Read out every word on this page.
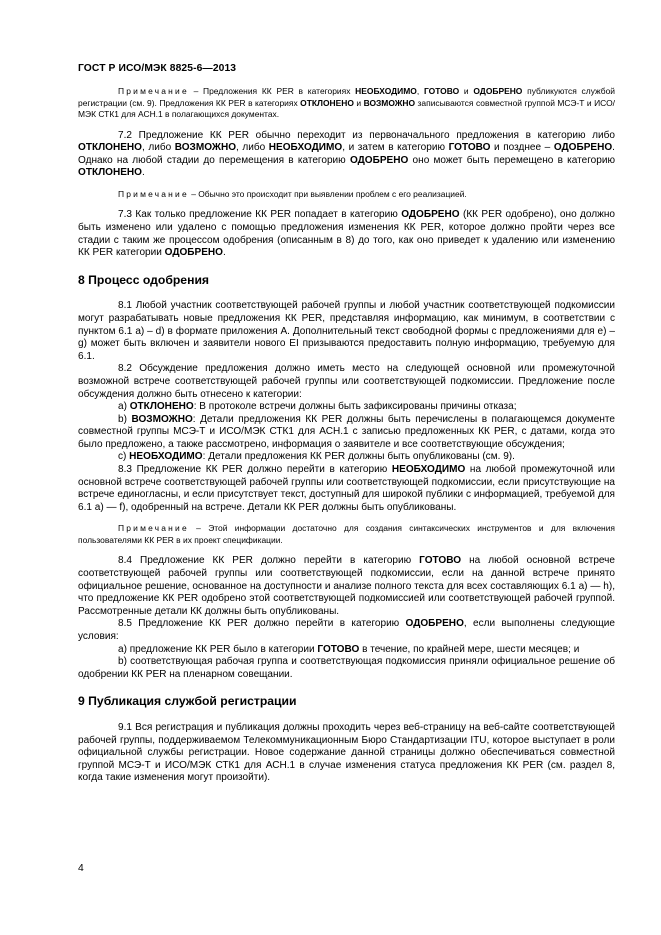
ГОСТ Р ИСО/МЭК 8825-6—2013

Примечание – Предложения КК PER в категориях НЕОБХОДИМО, ГОТОВО и ОДОБРЕНО публикуются службой регистрации (см. 9). Предложения КК PER в категориях ОТКЛОНЕНО и ВОЗМОЖНО записываются совместной группой МСЭ-Т и ИСО/МЭК СТК1 для АСН.1 в полагающихся документах.

7.2 Предложение КК PER обычно переходит из первоначального предложения в категорию либо ОТКЛОНЕНО, либо ВОЗМОЖНО, либо НЕОБХОДИМО, и затем в категорию ГОТОВО и позднее – ОДОБРЕНО. Однако на любой стадии до перемещения в категорию ОДОБРЕНО оно может быть перемещено в категорию ОТКЛОНЕНО.

Примечание – Обычно это происходит при выявлении проблем с его реализацией.

7.3 Как только предложение КК PER попадает в категорию ОДОБРЕНО (КК PER одобрено), оно должно быть изменено или удалено с помощью предложения изменения КК PER, которое должно пройти через все стадии с таким же процессом одобрения (описанным в 8) до того, как оно приведет к удалению или изменению КК PER категории ОДОБРЕНО.

8 Процесс одобрения

8.1 Любой участник соответствующей рабочей группы и любой участник соответствующей подкомиссии могут разрабатывать новые предложения КК PER, представляя информацию, как минимум, в соответствии с пунктом 6.1 а) – d) в формате приложения А. Дополнительный текст свободной формы с предложениями для е) – g) может быть включен и заявители нового EI призываются предоставить полную информацию, требуемую для 6.1.

8.2 Обсуждение предложения должно иметь место на следующей основной или промежуточной возможной встрече соответствующей рабочей группы или соответствующей подкомиссии. Предложение после обсуждения должно быть отнесено к категории:

а) ОТКЛОНЕНО: В протоколе встречи должны быть зафиксированы причины отказа;

b) ВОЗМОЖНО: Детали предложения КК PER должны быть перечислены в полагающемся документе совместной группы МСЭ-Т и ИСО/МЭК СТК1 для АСН.1 с записью предложенных КК PER, с датами, когда это было предложено, а также рассмотрено, информация о заявителе и все соответствующие обсуждения;

с) НЕОБХОДИМО: Детали предложения КК PER должны быть опубликованы (см. 9).

8.3 Предложение КК PER должно перейти в категорию НЕОБХОДИМО на любой промежуточной или основной встрече соответствующей рабочей группы или соответствующей подкомиссии, если присутствующие на встрече единогласны, и если присутствует текст, доступный для широкой публики с информацией, требуемой для 6.1 а) — f), одобренный на встрече. Детали КК PER должны быть опубликованы.

Примечание – Этой информации достаточно для создания синтаксических инструментов и для включения пользователями КК PER в их проект спецификации.

8.4 Предложение КК PER должно перейти в категорию ГОТОВО на любой основной встрече соответствующей рабочей группы или соответствующей подкомиссии, если на данной встрече принято официальное решение, основанное на доступности и анализе полного текста для всех составляющих 6.1 а) — h), что предложение КК PER одобрено этой соответствующей подкомиссией или соответствующей рабочей группой. Рассмотренные детали КК должны быть опубликованы.

8.5 Предложение КК PER должно перейти в категорию ОДОБРЕНО, если выполнены следующие условия:

а) предложение КК PER было в категории ГОТОВО в течение, по крайней мере, шести месяцев; и

b) соответствующая рабочая группа и соответствующая подкомиссия приняли официальное решение об одобрении КК PER на пленарном совещании.

9 Публикация службой регистрации

9.1 Вся регистрация и публикация должны проходить через веб-страницу на веб-сайте соответствующей рабочей группы, поддерживаемом Телекоммуникационным Бюро Стандартизации ITU, которое выступает в роли официальной службы регистрации. Новое содержание данной страницы должно обеспечиваться совместной группой МСЭ-Т и ИСО/МЭК СТК1 для АСН.1 в случае изменения статуса предложения КК PER (см. раздел 8, когда такие изменения могут произойти).

4
